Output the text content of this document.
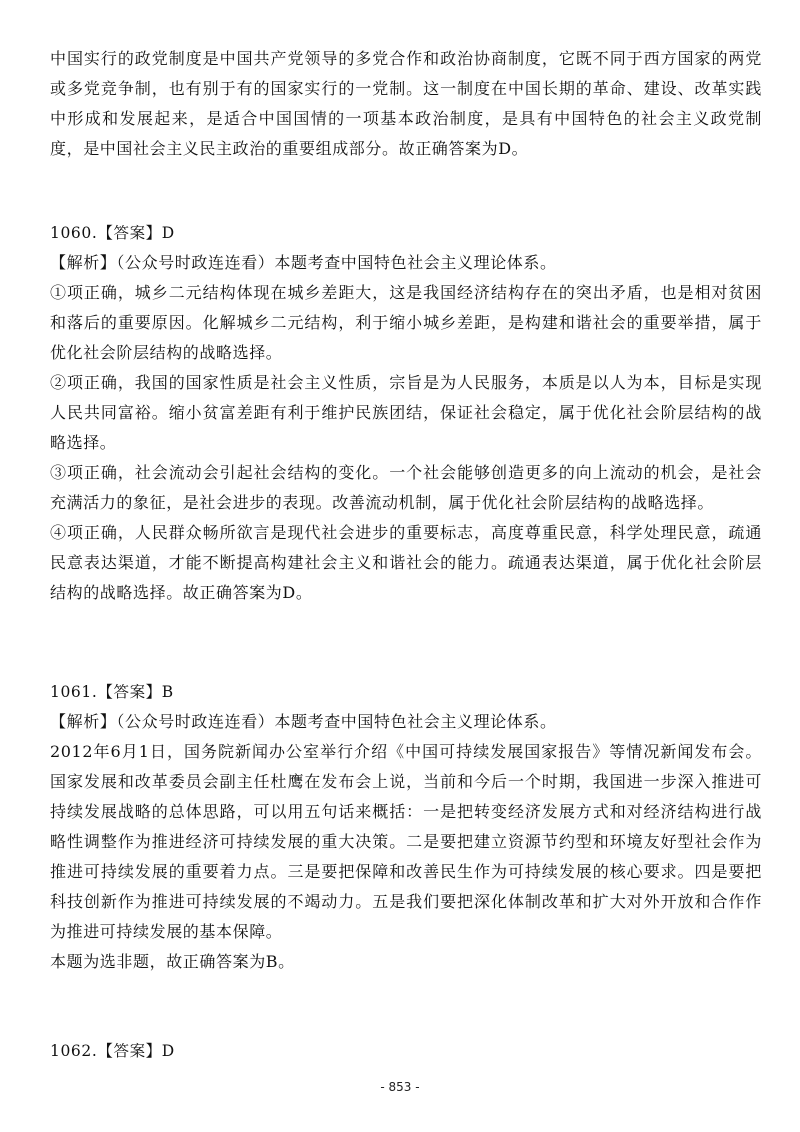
中国实行的政党制度是中国共产党领导的多党合作和政治协商制度，它既不同于西方国家的两党或多党竞争制，也有别于有的国家实行的一党制。这一制度在中国长期的革命、建设、改革实践中形成和发展起来，是适合中国国情的一项基本政治制度，是具有中国特色的社会主义政党制度，是中国社会主义民主政治的重要组成部分。故正确答案为D。

1060.【答案】D

【解析】（公众号时政连连看）本题考查中国特色社会主义理论体系。

①项正确，城乡二元结构体现在城乡差距大，这是我国经济结构存在的突出矛盾，也是相对贫困和落后的重要原因。化解城乡二元结构，利于缩小城乡差距，是构建和谐社会的重要举措，属于优化社会阶层结构的战略选择。

②项正确，我国的国家性质是社会主义性质，宗旨是为人民服务，本质是以人为本，目标是实现人民共同富裕。缩小贫富差距有利于维护民族团结，保证社会稳定，属于优化社会阶层结构的战略选择。

③项正确，社会流动会引起社会结构的变化。一个社会能够创造更多的向上流动的机会，是社会充满活力的象征，是社会进步的表现。改善流动机制，属于优化社会阶层结构的战略选择。

④项正确，人民群众畅所欲言是现代社会进步的重要标志，高度尊重民意，科学处理民意，疏通民意表达渠道，才能不断提高构建社会主义和谐社会的能力。疏通表达渠道，属于优化社会阶层结构的战略选择。故正确答案为D。

1061.【答案】B

【解析】（公众号时政连连看）本题考查中国特色社会主义理论体系。

2012年6月1日，国务院新闻办公室举行介绍《中国可持续发展国家报告》等情况新闻发布会。国家发展和改革委员会副主任杜鹰在发布会上说，当前和今后一个时期，我国进一步深入推进可持续发展战略的总体思路，可以用五句话来概括：一是把转变经济发展方式和对经济结构进行战略性调整作为推进经济可持续发展的重大决策。二是要把建立资源节约型和环境友好型社会作为推进可持续发展的重要着力点。三是要把保障和改善民生作为可持续发展的核心要求。四是要把科技创新作为推进可持续发展的不竭动力。五是我们要把深化体制改革和扩大对外开放和合作作为推进可持续发展的基本保障。

本题为选非题，故正确答案为B。

1062.【答案】D

- 853 -
